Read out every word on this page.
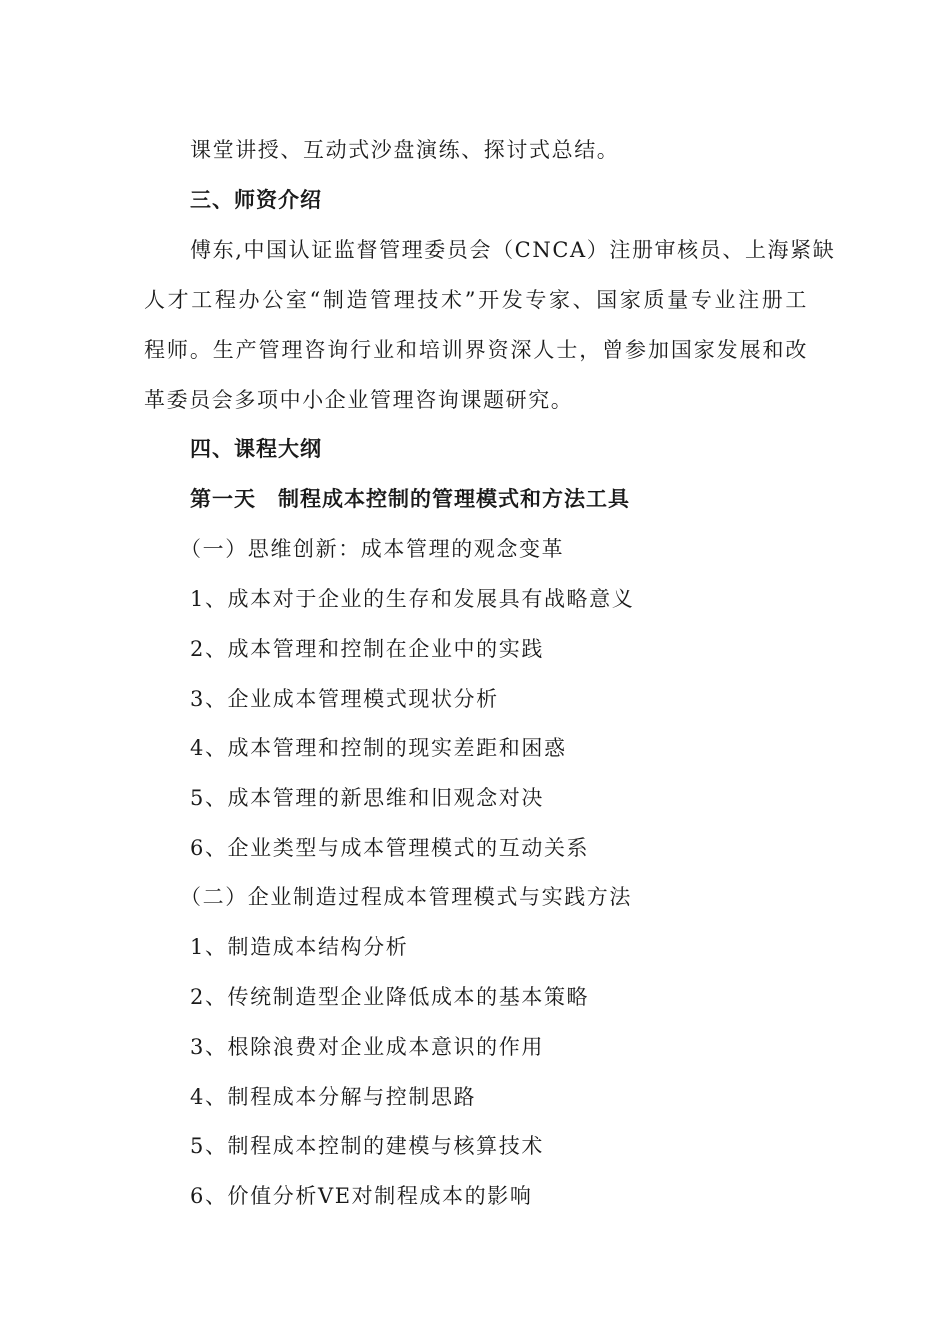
课堂讲授、互动式沙盘演练、探讨式总结。
三、师资介绍
傅东,中国认证监督管理委员会（CNCA）注册审核员、上海紧缺
人才工程办公室“制造管理技术”开发专家、国家质量专业注册工
程师。生产管理咨询行业和培训界资深人士，曾参加国家发展和改
革委员会多项中小企业管理咨询课题研究。
四、课程大纲
第一天　制程成本控制的管理模式和方法工具
（一）思维创新：成本管理的观念变革
1、成本对于企业的生存和发展具有战略意义
2、成本管理和控制在企业中的实践
3、企业成本管理模式现状分析
4、成本管理和控制的现实差距和困惑
5、成本管理的新思维和旧观念对决
6、企业类型与成本管理模式的互动关系
（二）企业制造过程成本管理模式与实践方法
1、制造成本结构分析
2、传统制造型企业降低成本的基本策略
3、根除浪费对企业成本意识的作用
4、制程成本分解与控制思路
5、制程成本控制的建模与核算技术
6、价值分析VE对制程成本的影响
